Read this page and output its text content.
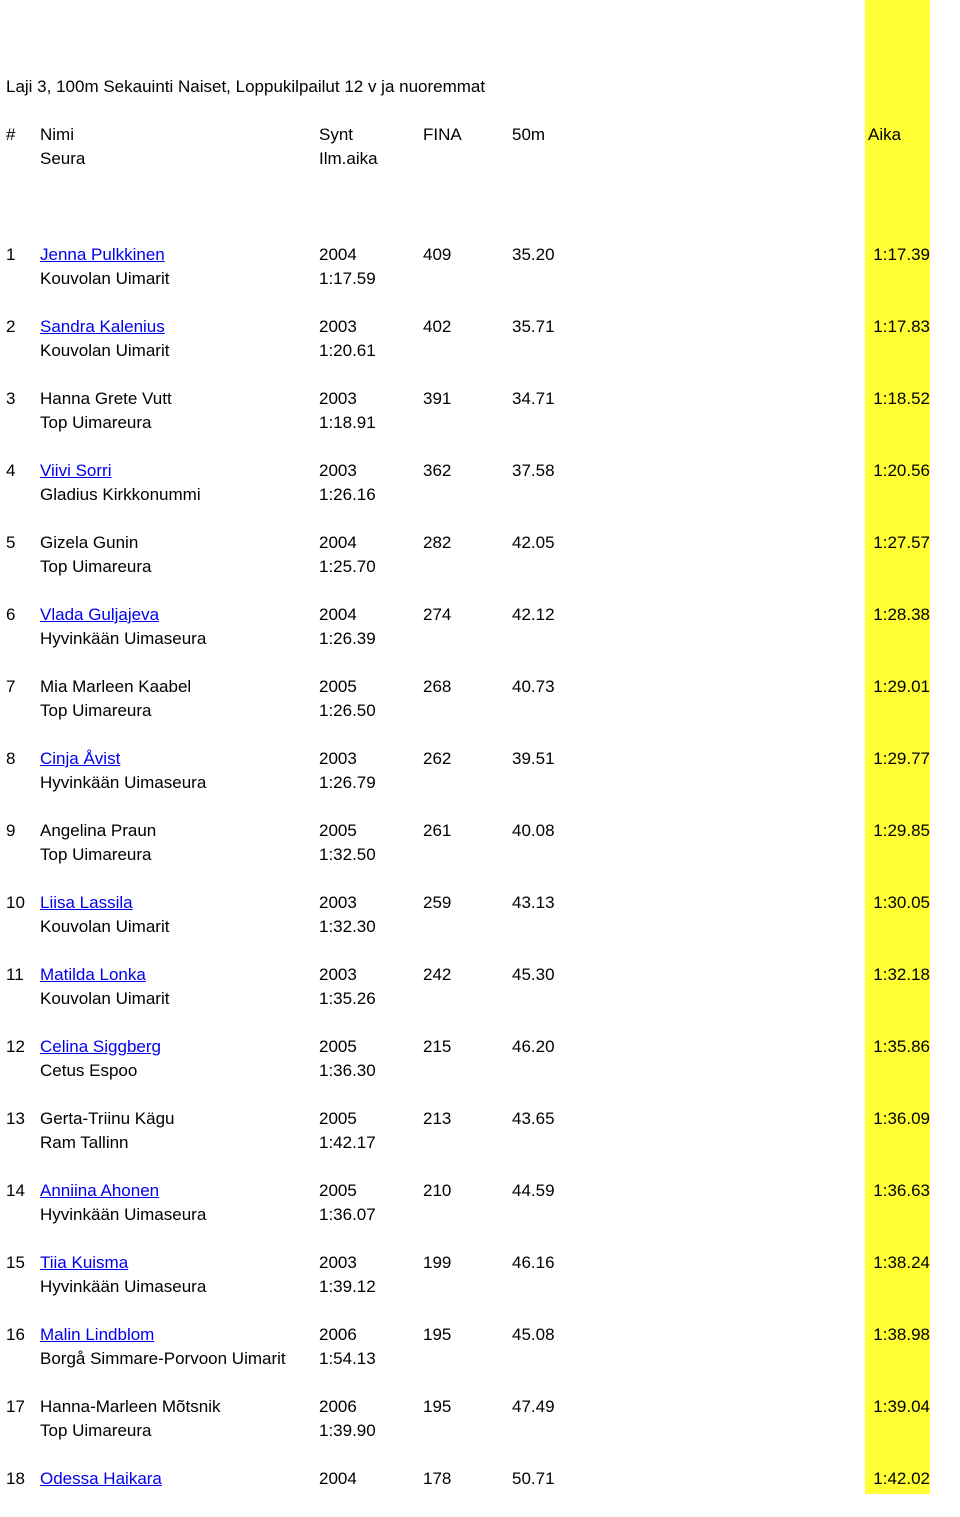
Laji 3, 100m Sekauinti Naiset, Loppukilpailut 12 v ja nuoremmat
# Nimi	Synt	FINA	50m	Aika
Seura	Ilm.aika
1 Jenna Pulkkinen	2004	409	35.20	1:17.39
Kouvolan Uimarit	1:17.59
2 Sandra Kalenius	2003	402	35.71	1:17.83
Kouvolan Uimarit	1:20.61
3 Hanna Grete Vutt	2003	391	34.71	1:18.52
Top Uimareura	1:18.91
4 Viivi Sorri	2003	362	37.58	1:20.56
Gladius Kirkkonummi	1:26.16
5 Gizela Gunin	2004	282	42.05	1:27.57
Top Uimareura	1:25.70
6 Vlada Guljajeva	2004	274	42.12	1:28.38
Hyvinkään Uimaseura	1:26.39
7 Mia Marleen Kaabel	2005	268	40.73	1:29.01
Top Uimareura	1:26.50
8 Cinja Åvist	2003	262	39.51	1:29.77
Hyvinkään Uimaseura	1:26.79
9 Angelina Praun	2005	261	40.08	1:29.85
Top Uimareura	1:32.50
10 Liisa Lassila	2003	259	43.13	1:30.05
Kouvolan Uimarit	1:32.30
11 Matilda Lonka	2003	242	45.30	1:32.18
Kouvolan Uimarit	1:35.26
12 Celina Siggberg	2005	215	46.20	1:35.86
Cetus Espoo	1:36.30
13 Gerta-Triinu Kägu	2005	213	43.65	1:36.09
Ram Tallinn	1:42.17
14 Anniina Ahonen	2005	210	44.59	1:36.63
Hyvinkään Uimaseura	1:36.07
15 Tiia Kuisma	2003	199	46.16	1:38.24
Hyvinkään Uimaseura	1:39.12
16 Malin Lindblom	2006	195	45.08	1:38.98
Borgå Simmare-Porvoon Uimarit 1:54.13
17 Hanna-Marleen Mõtsnik	2006	195	47.49	1:39.04
Top Uimareura	1:39.90
18 Odessa Haikara	2004	178	50.71	1:42.02
